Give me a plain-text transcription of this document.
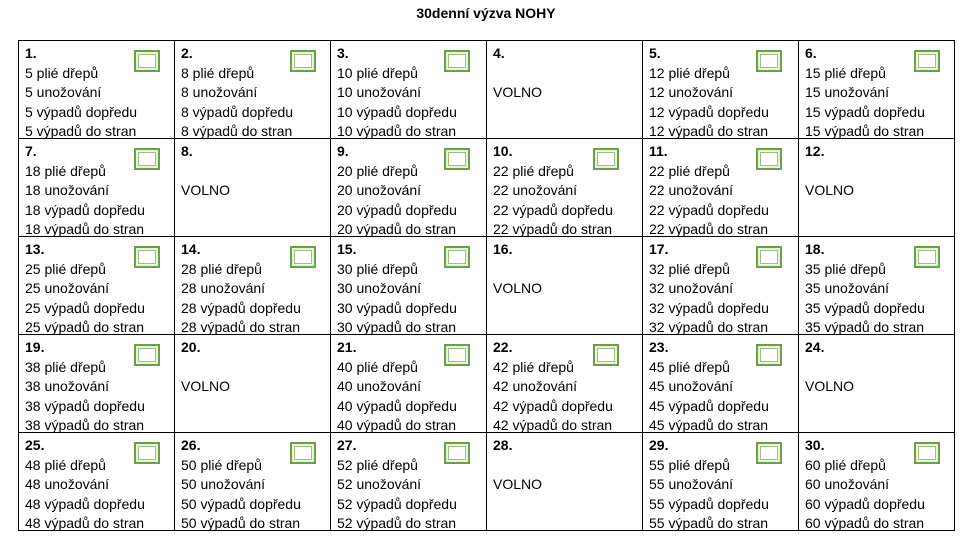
30denní výzva NOHY
1.
5 plié dřepů
5 unožování
5 výpadů dopředu
5 výpadů do stran	2.
8 plié dřepů
8 unožování
8 výpadů dopředu
8 výpadů do stran	3.
10 plié dřepů
10 unožování
10 výpadů dopředu
10 výpadů do stran	4.
VOLNO	5.
12 plié dřepů
12 unožování
12 výpadů dopředu
12 výpadů do stran	6.
15 plié dřepů
15 unožování
15 výpadů dopředu
15 výpadů do stran

7.
18 plié dřepů
18 unožování
18 výpadů dopředu
18 výpadů do stran	8.
VOLNO	9.
20 plié dřepů
20 unožování
20 výpadů dopředu
20 výpadů do stran	10.
22 plié dřepů
22 unožování
22 výpadů dopředu
22 výpadů do stran	11.
22 plié dřepů
22 unožování
22 výpadů dopředu
22 výpadů do stran	12.
VOLNO

13.
25 plié dřepů
25 unožování
25 výpadů dopředu
25 výpadů do stran	14.
28 plié dřepů
28 unožování
28 výpadů dopředu
28 výpadů do stran	15.
30 plié dřepů
30 unožování
30 výpadů dopředu
30 výpadů do stran	16.
VOLNO	17.
32 plié dřepů
32 unožování
32 výpadů dopředu
32 výpadů do stran	18.
35 plié dřepů
35 unožování
35 výpadů dopředu
35 výpadů do stran

19.
38 plié dřepů
38 unožování
38 výpadů dopředu
38 výpadů do stran	20.
VOLNO	21.
40 plié dřepů
40 unožování
40 výpadů dopředu
40 výpadů do stran	22.
42 plié dřepů
42 unožování
42 výpadů dopředu
42 výpadů do stran	23.
45 plié dřepů
45 unožování
45 výpadů dopředu
45 výpadů do stran	24.
VOLNO

25.
48 plié dřepů
48 unožování
48 výpadů dopředu
48 výpadů do stran	26.
50 plié dřepů
50 unožování
50 výpadů dopředu
50 výpadů do stran	27.
52 plié dřepů
52 unožování
52 výpadů dopředu
52 výpadů do stran	28.
VOLNO	29.
55 plié dřepů
55 unožování
55 výpadů dopředu
55 výpadů do stran	30.
60 plié dřepů
60 unožování
60 výpadů dopředu
60 výpadů do stran
